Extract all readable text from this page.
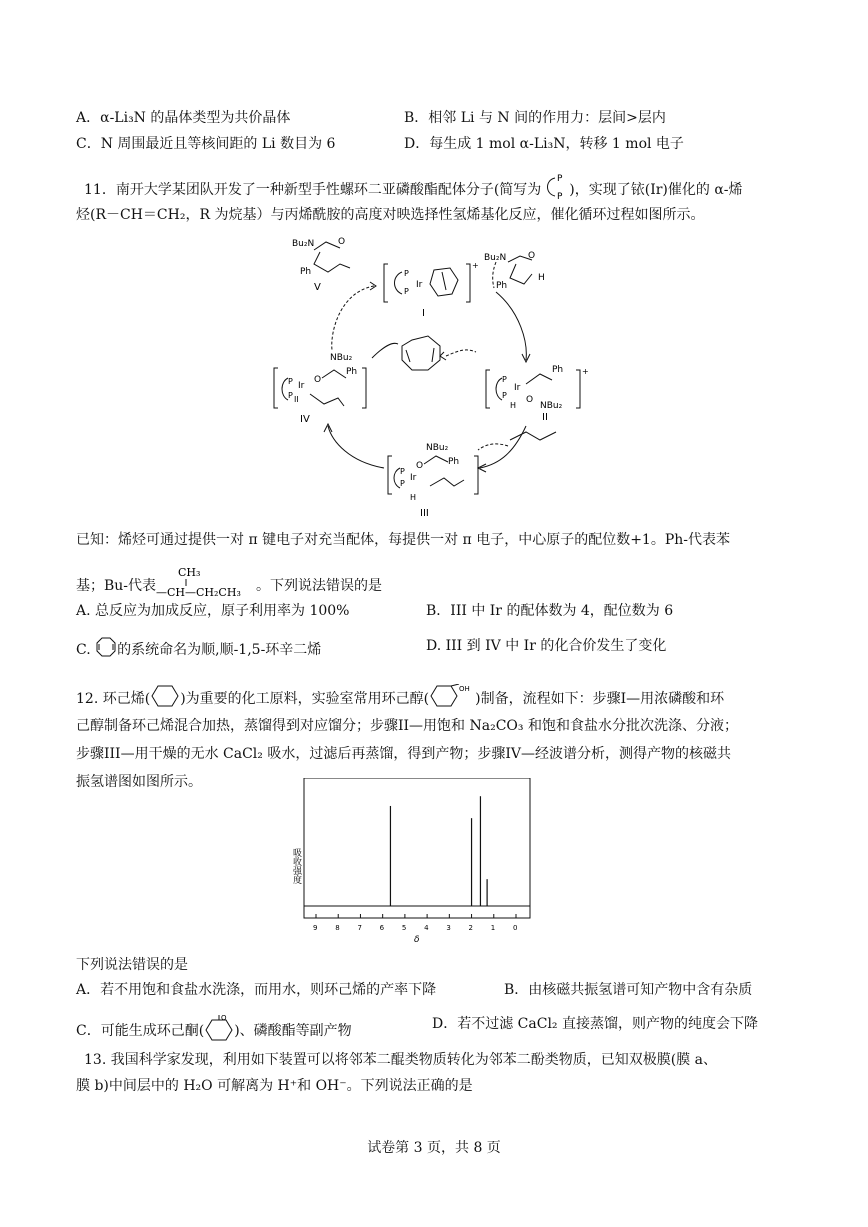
A．α-Li₃N 的晶体类型为共价晶体	B．相邻 Li 与 N 间的作用力：层间>层内
C．N 周围最近且等核间距的 Li 数目为 6	D．每生成 1 mol α-Li₃N，转移 1 mol 电子
11．南开大学某团队开发了一种新型手性螺环二亚磷酸酯配体分子(简写为
P
P )，实现了铱(Ir)催化的 α-烯
烃(R－CH＝CH₂，R 为烷基）与丙烯酰胺的高度对映选择性氢烯基化反应，催化循环过程如图所示。
Bu₂N	O
Ph
V
+
P
P
Ir
I
Bu₂N O
Ph
H
+
P
P
Ir
H
Ph
O
NBu₂
II
NBu₂
P
P
Ir
O
Ph
II
IV
NBu₂
P
P
Ir
O	Ph
H
III
已知：烯烃可通过提供一对 π 键电子对充当配体，每提供一对 π 电子，中心原子的配位数+1。Ph-代表苯
基；Bu-代表
CH₃
—CH—CH₂CH₃ 。下列说法错误的是
A. 总反应为加成反应，原子利用率为 100%	B．III 中 Ir 的配体数为 4，配位数为 6
C. 的系统命名为顺,顺-1,5-环辛二烯	D. III 到 IV 中 Ir 的化合价发生了变化
12. 环己烯( )为重要的化工原料，实验室常用环己醇(
OH
)制备，流程如下：步骤I—用浓磷酸和环
己醇制备环己烯混合加热，蒸馏得到对应馏分；步骤II—用饱和 Na₂CO₃ 和饱和食盐水分批次洗涤、分液；
步骤III—用干燥的无水 CaCl₂ 吸水，过滤后再蒸馏，得到产物；步骤IV—经波谱分析，测得产物的核磁共
振氢谱图如图所示。
吸收强度
δ
9	8	7	6	5	4	3	2	1	0
下列说法错误的是
A．若不用饱和食盐水洗涤，而用水，则环己烯的产率下降	B．由核磁共振氢谱可知产物中含有杂质
C．可能生成环己酮(
O
)、磷酸酯等副产物	D．若不过滤 CaCl₂ 直接蒸馏，则产物的纯度会下降
13. 我国科学家发现，利用如下装置可以将邻苯二醌类物质转化为邻苯二酚类物质，已知双极膜(膜 a、
膜 b)中间层中的 H₂O 可解离为 H⁺和 OH⁻。下列说法正确的是
试卷第 3 页，共 8 页
